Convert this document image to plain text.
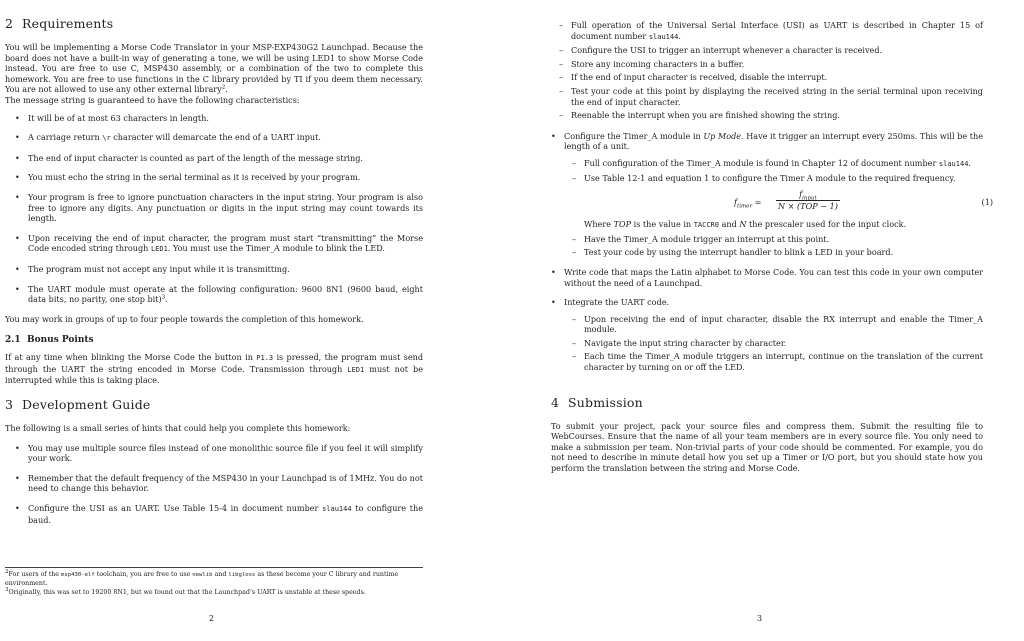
2 Requirements

You will be implementing a Morse Code Translator in your MSP-EXP430G2 Launchpad. Because the board does not have a built-in way of generating a tone, we will be using LED1 to show Morse Code instead. You are free to use C, MSP430 assembly, or a combination of the two to complete this homework. You are free to use functions in the C library provided by TI if you deem them necessary. You are not allowed to use any other external library$^2$.
The message string is guaranteed to have the following characteristics:

• It will be of at most 63 characters in length.
• A carriage return \r character will demarcate the end of a UART input.
• The end of input character is counted as part of the length of the message string.
• You must echo the string in the serial terminal as it is received by your program.
• Your program is free to ignore punctuation characters in the input string. Your program is also free to ignore any digits. Any punctuation or digits in the input string may count towards its length.
• Upon receiving the end of input character, the program must start “transmitting” the Morse Code encoded string through LED1. You must use the Timer_A module to blink the LED.
• The program must not accept any input while it is transmitting.
• The UART module must operate at the following configuration: 9600 8N1 (9600 baud, eight data bits, no parity, one stop bit)$^3$.

You may work in groups of up to four people towards the completion of this homework.

2.1 Bonus Points

If at any time when blinking the Morse Code the button in P1.3 is pressed, the program must send through the UART the string encoded in Morse Code. Transmission through LED1 must not be interrupted while this is taking place.

3 Development Guide

The following is a small series of hints that could help you complete this homework:

• You may use multiple source files instead of one monolithic source file if you feel it will simplify your work.
• Remember that the default frequency of the MSP430 in your Launchpad is of 1MHz. You do not need to change this behavior.
• Configure the USI as an UART. Use Table 15-4 in document number slau144 to configure the baud.
$^2$For users of the msp430-elf toolchain, you are free to use newlib and libgloss as these become your C library and runtime environment.
$^3$Originally, this was set to 19200 8N1, but we found out that the Launchpad’s UART is unstable at these speeds.
2
– Full operation of the Universal Serial Interface (USI) as UART is described in Chapter 15 of document number slau144.
– Configure the USI to trigger an interrupt whenever a character is received.
– Store any incoming characters in a buffer.
– If the end of input character is received, disable the interrupt.
– Test your code at this point by displaying the received string in the serial terminal upon receiving the end of input character.
– Reenable the interrupt when you are finished showing the string.
• Configure the Timer_A module in Up Mode. Have it trigger an interrupt every 250ms. This will be the length of a unit.
– Full configuration of the Timer_A module is found in Chapter 12 of document number slau144.
– Use Table 12-1 and equation 1 to configure the Timer A module to the required frequency.
$f_{timer}$ =
$f_{input}$
N × (TOP − 1)	(1)
Where TOP is the value in TACCR0 and N the prescaler used for the input clock.
– Have the Timer_A module trigger an interrupt at this point.
– Test your code by using the interrupt handler to blink a LED in your board.
• Write code that maps the Latin alphabet to Morse Code. You can test this code in your own computer without the need of a Launchpad.
• Integrate the UART code.
– Upon receiving the end of input character, disable the RX interrupt and enable the Timer_A module.
– Navigate the input string character by character.
– Each time the Timer_A module triggers an interrupt, continue on the translation of the current character by turning on or off the LED.
4 Submission

To submit your project, pack your source files and compress them. Submit the resulting file to WebCourses. Ensure that the name of all your team members are in every source file. You only need to make a submission per team. Non-trivial parts of your code should be commented. For example, you do not need to describe in minute detail how you set up a Timer or I/O port, but you should state how you perform the translation between the string and Morse Code.

3
